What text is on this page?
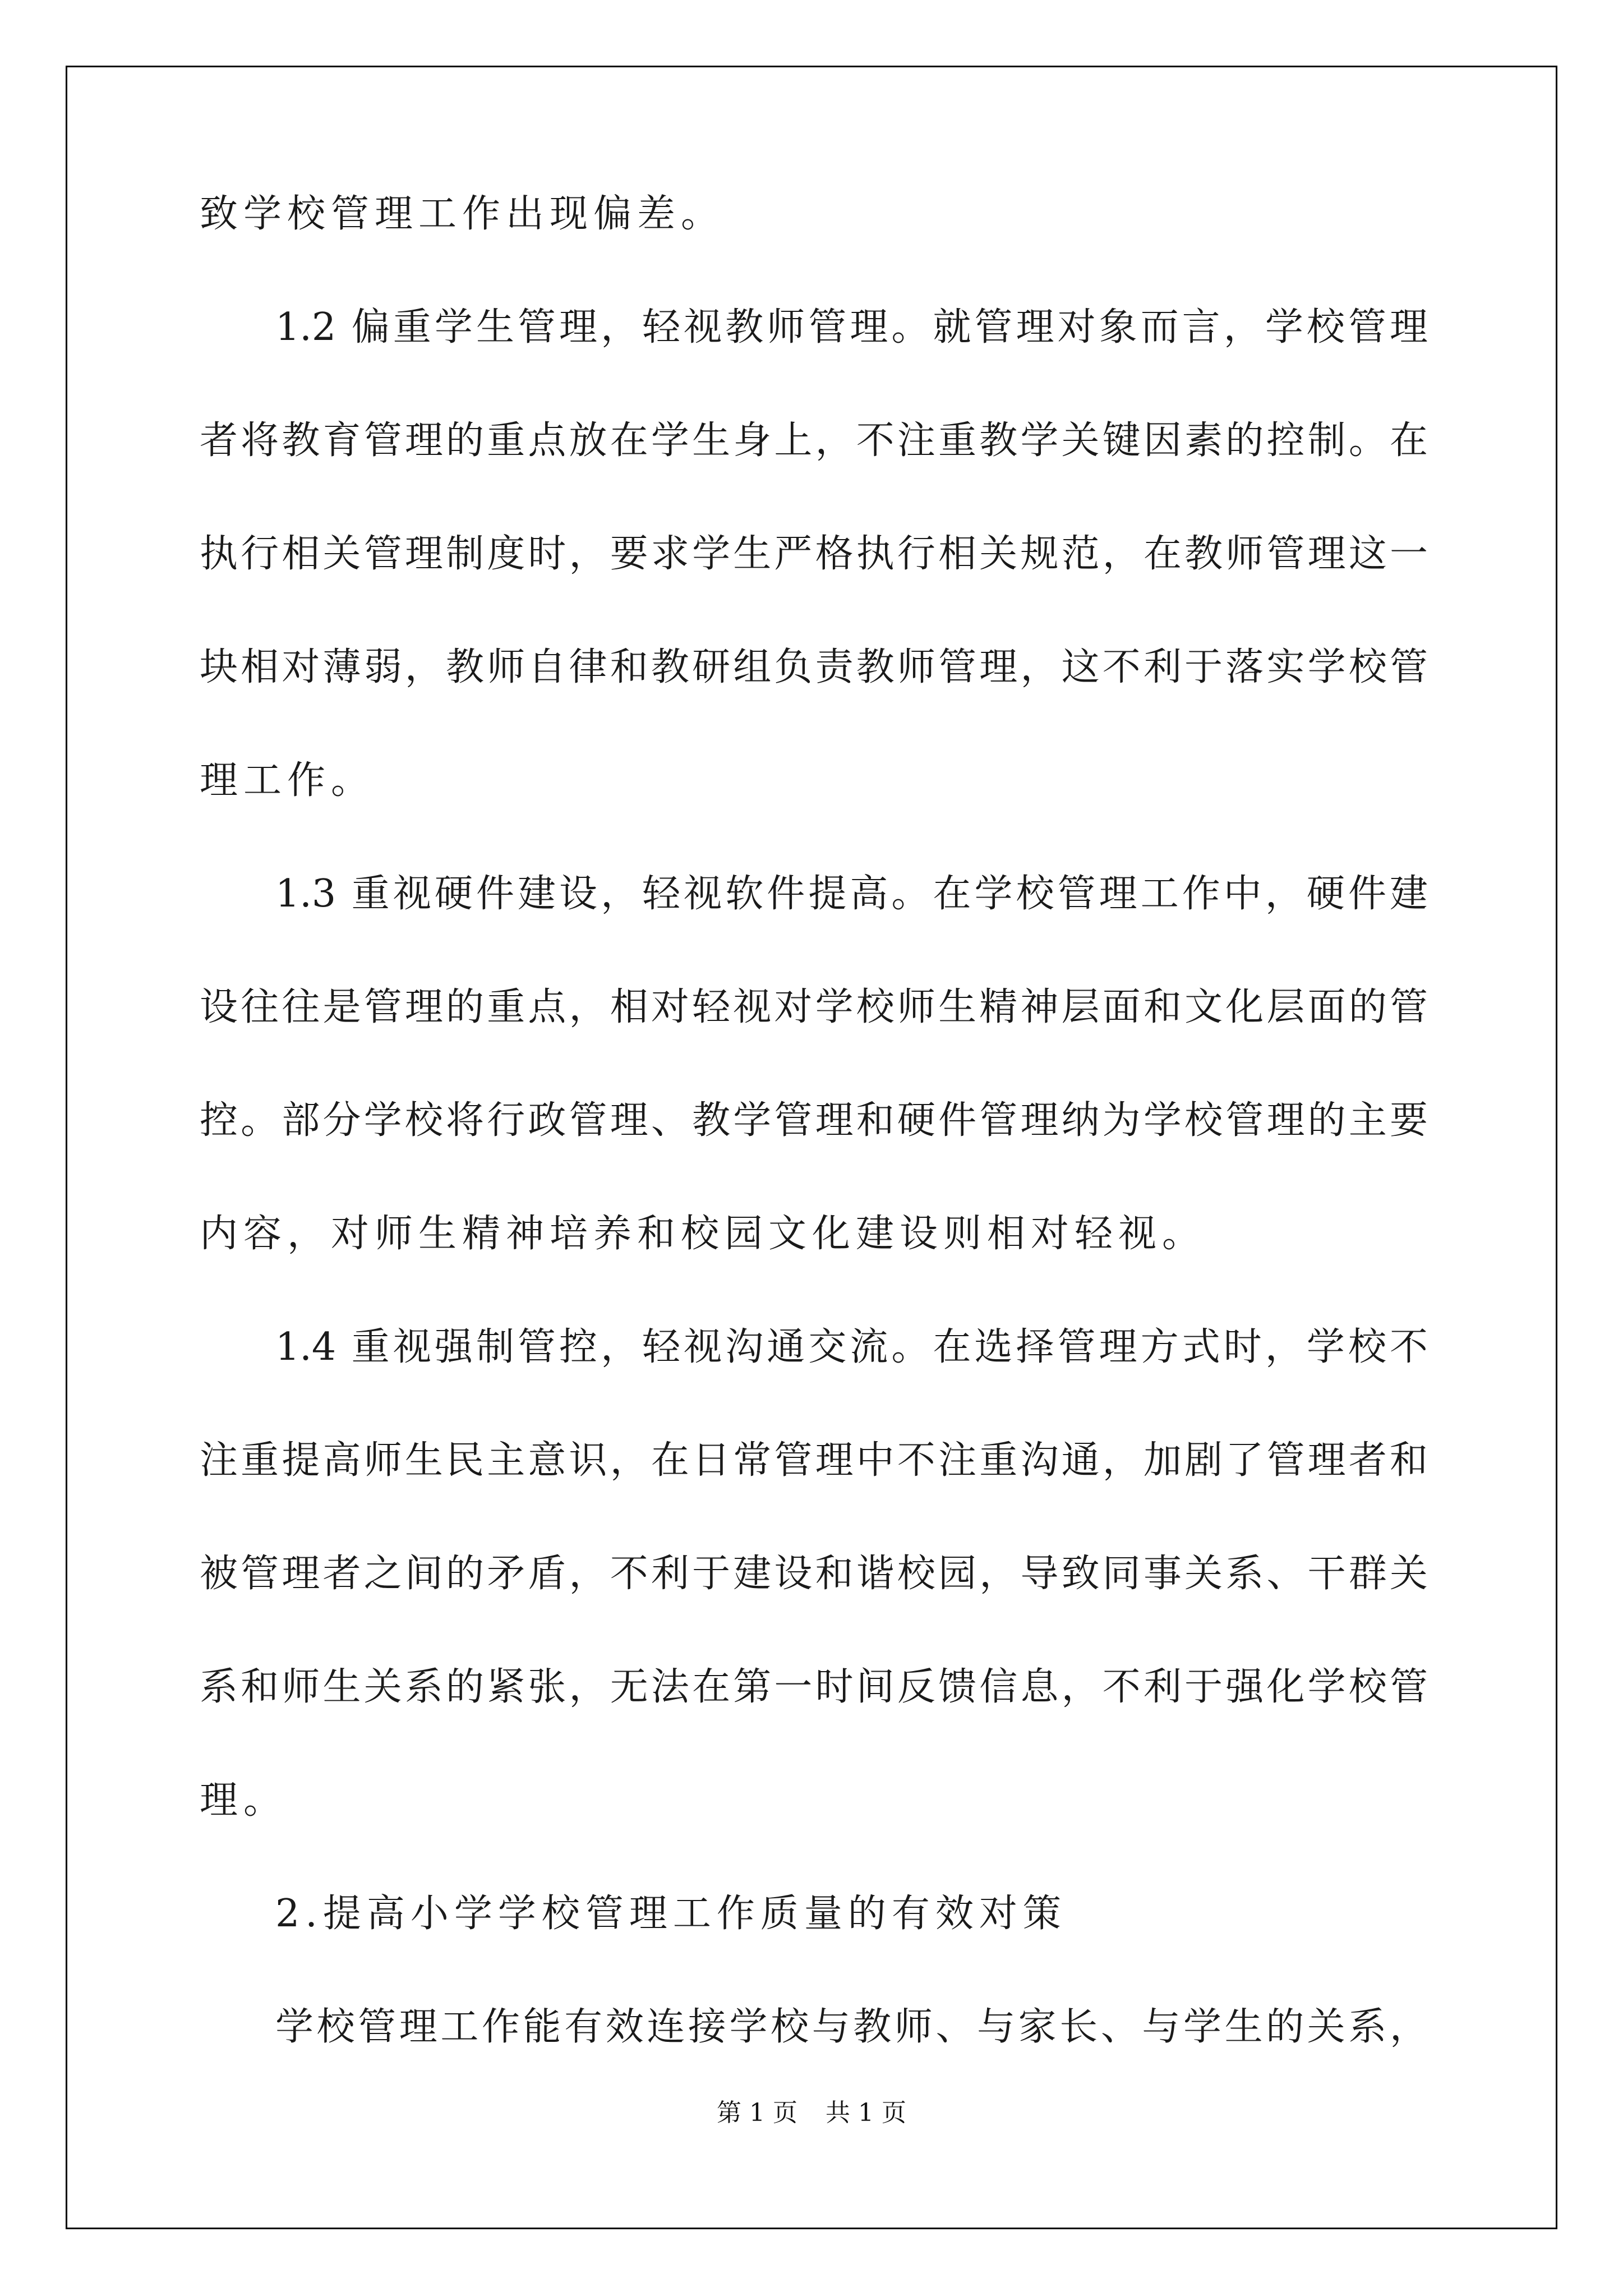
致学校管理工作出现偏差。
1.2 偏重学生管理，轻视教师管理。就管理对象而言，学校管理
者将教育管理的重点放在学生身上，不注重教学关键因素的控制。在
执行相关管理制度时，要求学生严格执行相关规范，在教师管理这一
块相对薄弱，教师自律和教研组负责教师管理，这不利于落实学校管
理工作。
1.3 重视硬件建设，轻视软件提高。在学校管理工作中，硬件建
设往往是管理的重点，相对轻视对学校师生精神层面和文化层面的管
控。部分学校将行政管理、教学管理和硬件管理纳为学校管理的主要
内容，对师生精神培养和校园文化建设则相对轻视。
1.4 重视强制管控，轻视沟通交流。在选择管理方式时，学校不
注重提高师生民主意识，在日常管理中不注重沟通，加剧了管理者和
被管理者之间的矛盾，不利于建设和谐校园，导致同事关系、干群关
系和师生关系的紧张，无法在第一时间反馈信息，不利于强化学校管
理。
2.提高小学学校管理工作质量的有效对策
学校管理工作能有效连接学校与教师、与家长、与学生的关系，
第 1 页 共 1 页
